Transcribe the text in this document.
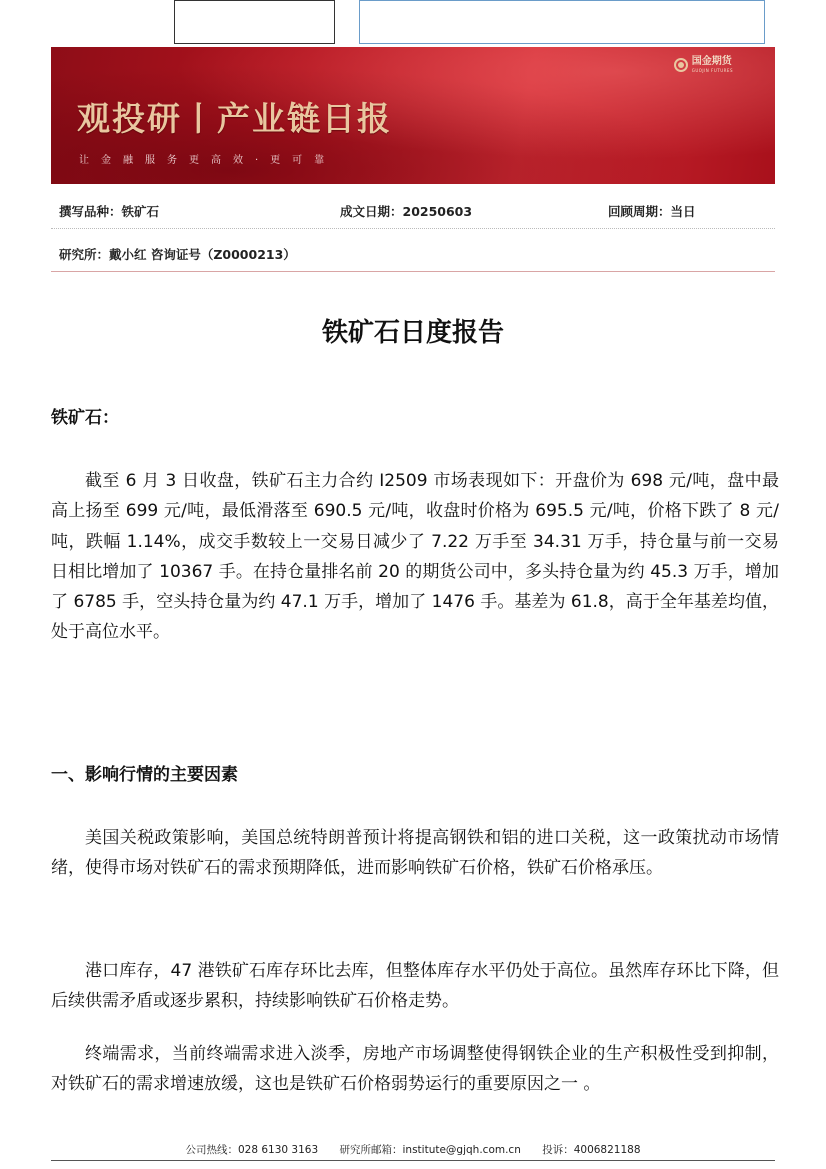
国金期货
GUOJIN FUTURES
观投研丨产业链日报
让金融服务更高效·更可靠
撰写品种：铁矿石	成文日期：20250603	回顾周期：当日
研究所：戴小红 咨询证号（Z0000213）
铁矿石日度报告
铁矿石：

截至 6 月 3 日收盘，铁矿石主力合约 I2509 市场表现如下：开盘价为 698 元/吨，盘中最高上扬至 699 元/吨，最低滑落至 690.5 元/吨，收盘时价格为 695.5 元/吨，价格下跌了 8 元/吨，跌幅 1.14%，成交手数较上一交易日减少了 7.22 万手至 34.31 万手，持仓量与前一交易日相比增加了 10367 手。在持仓量排名前 20 的期货公司中，多头持仓量为约 45.3 万手，增加了 6785 手，空头持仓量为约 47.1 万手，增加了 1476 手。基差为 61.8，高于全年基差均值，处于高位水平。

一、影响行情的主要因素

美国关税政策影响，美国总统特朗普预计将提高钢铁和铝的进口关税，这一政策扰动市场情绪，使得市场对铁矿石的需求预期降低，进而影响铁矿石价格，铁矿石价格承压。

港口库存，47 港铁矿石库存环比去库，但整体库存水平仍处于高位。虽然库存环比下降，但后续供需矛盾或逐步累积，持续影响铁矿石价格走势。

终端需求，当前终端需求进入淡季，房地产市场调整使得钢铁企业的生产积极性受到抑制，对铁矿石的需求增速放缓，这也是铁矿石价格弱势运行的重要原因之一 。

公司热线：028 6130 3163 研究所邮箱：institute@gjqh.com.cn 投诉：4006821188
